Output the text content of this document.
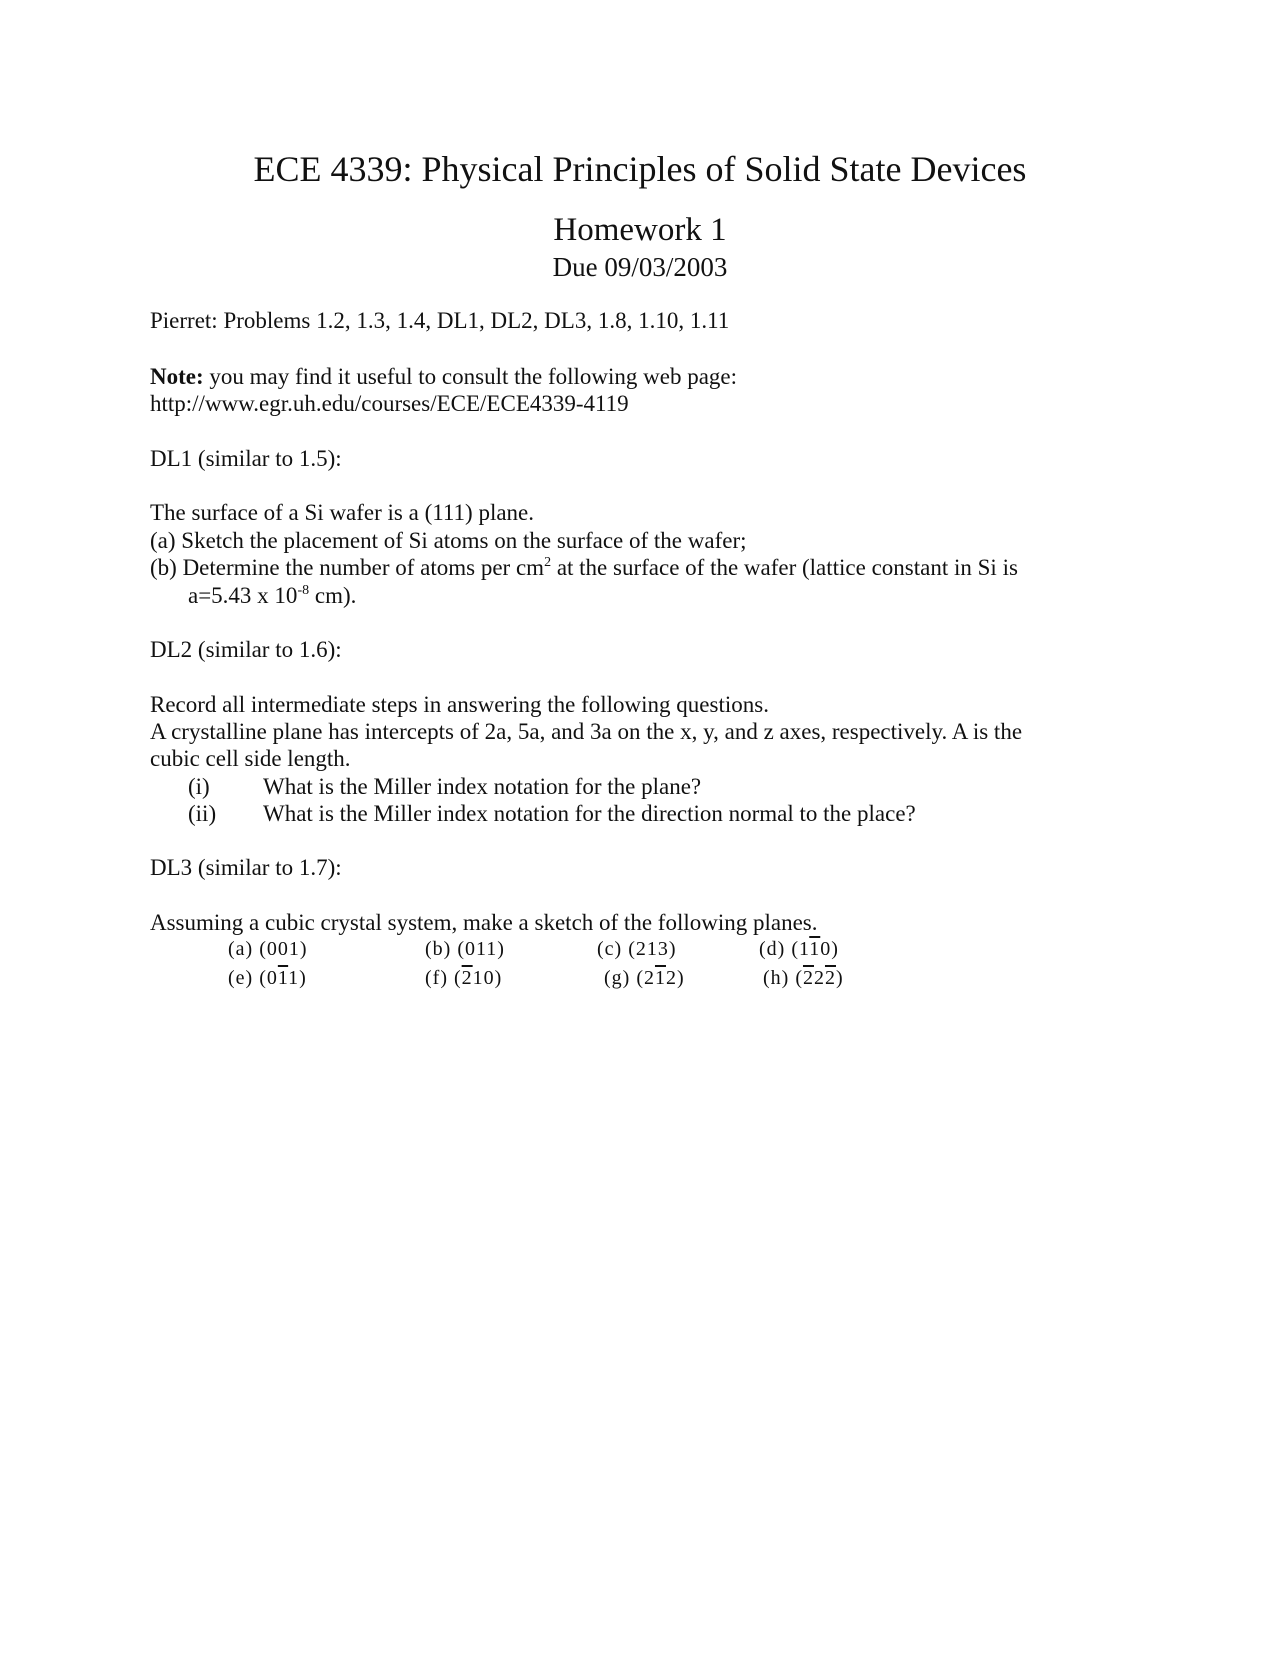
ECE 4339: Physical Principles of Solid State Devices
Homework 1
Due 09/03/2003
Pierret: Problems 1.2, 1.3, 1.4, DL1, DL2, DL3, 1.8, 1.10, 1.11
Note: you may find it useful to consult the following web page:
http://www.egr.uh.edu/courses/ECE/ECE4339-4119
DL1 (similar to 1.5):
The surface of a Si wafer is a (111) plane.
(a) Sketch the placement of Si atoms on the surface of the wafer;
(b) Determine the number of atoms per $cm^2$ at the surface of the wafer (lattice constant in Si is
a=5.43 x $10^{-8}$ cm).
DL2 (similar to 1.6):
Record all intermediate steps in answering the following questions.
A crystalline plane has intercepts of 2a, 5a, and 3a on the x, y, and z axes, respectively. A is the
cubic cell side length.
(i) What is the Miller index notation for the plane?
(ii) What is the Miller index notation for the direction normal to the place?
DL3 (similar to 1.7):
Assuming a cubic crystal system, make a sketch of the following planes.
(a) (001)	(b) (011)	(c) (213)	(d) (110)
(e) (011)	(f) (210)	(g) (212)	(h) (222)
